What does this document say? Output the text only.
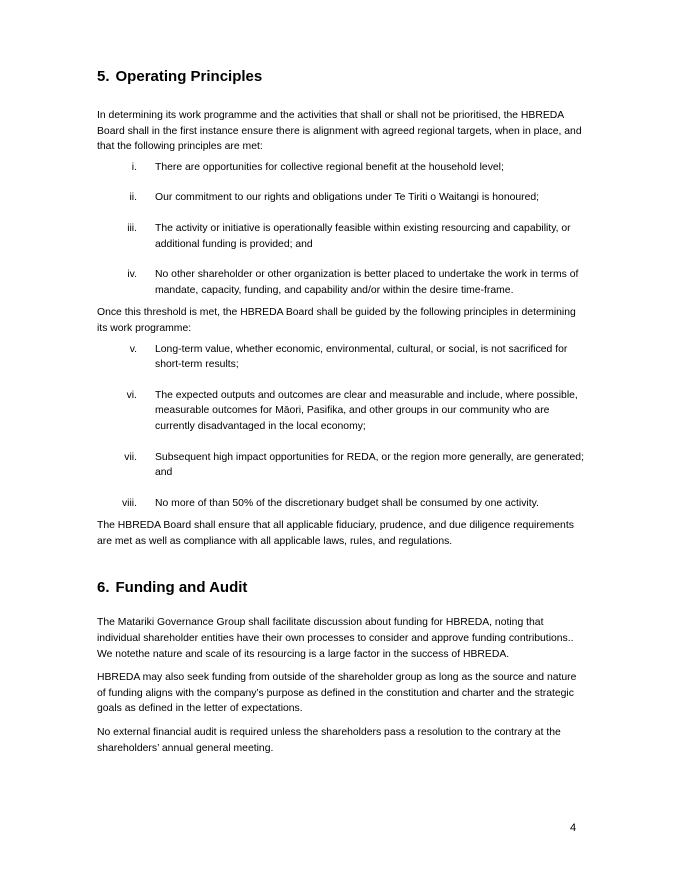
5. Operating Principles

In determining its work programme and the activities that shall or shall not be prioritised, the HBREDA Board shall in the first instance ensure there is alignment with agreed regional targets, when in place, and that the following principles are met:

i. There are opportunities for collective regional benefit at the household level;
ii. Our commitment to our rights and obligations under Te Tiriti o Waitangi is honoured;
iii. The activity or initiative is operationally feasible within existing resourcing and capability, or additional funding is provided; and
iv. No other shareholder or other organization is better placed to undertake the work in terms of mandate, capacity, funding, and capability and/or within the desire time-frame.

Once this threshold is met, the HBREDA Board shall be guided by the following principles in determining its work programme:

v. Long-term value, whether economic, environmental, cultural, or social, is not sacrificed for short-term results;
vi. The expected outputs and outcomes are clear and measurable and include, where possible, measurable outcomes for Māori, Pasifika, and other groups in our community who are currently disadvantaged in the local economy;
vii. Subsequent high impact opportunities for REDA, or the region more generally, are generated; and
viii. No more of than 50% of the discretionary budget shall be consumed by one activity.

The HBREDA Board shall ensure that all applicable fiduciary, prudence, and due diligence requirements are met as well as compliance with all applicable laws, rules, and regulations.

6. Funding and Audit

The Matariki Governance Group shall facilitate discussion about funding for HBREDA, noting that individual shareholder entities have their own processes to consider and approve funding contributions.. We notethe nature and scale of its resourcing is a large factor in the success of HBREDA.

HBREDA may also seek funding from outside of the shareholder group as long as the source and nature of funding aligns with the company’s purpose as defined in the constitution and charter and the strategic goals as defined in the letter of expectations.

No external financial audit is required unless the shareholders pass a resolution to the contrary at the shareholders’ annual general meeting.

4
